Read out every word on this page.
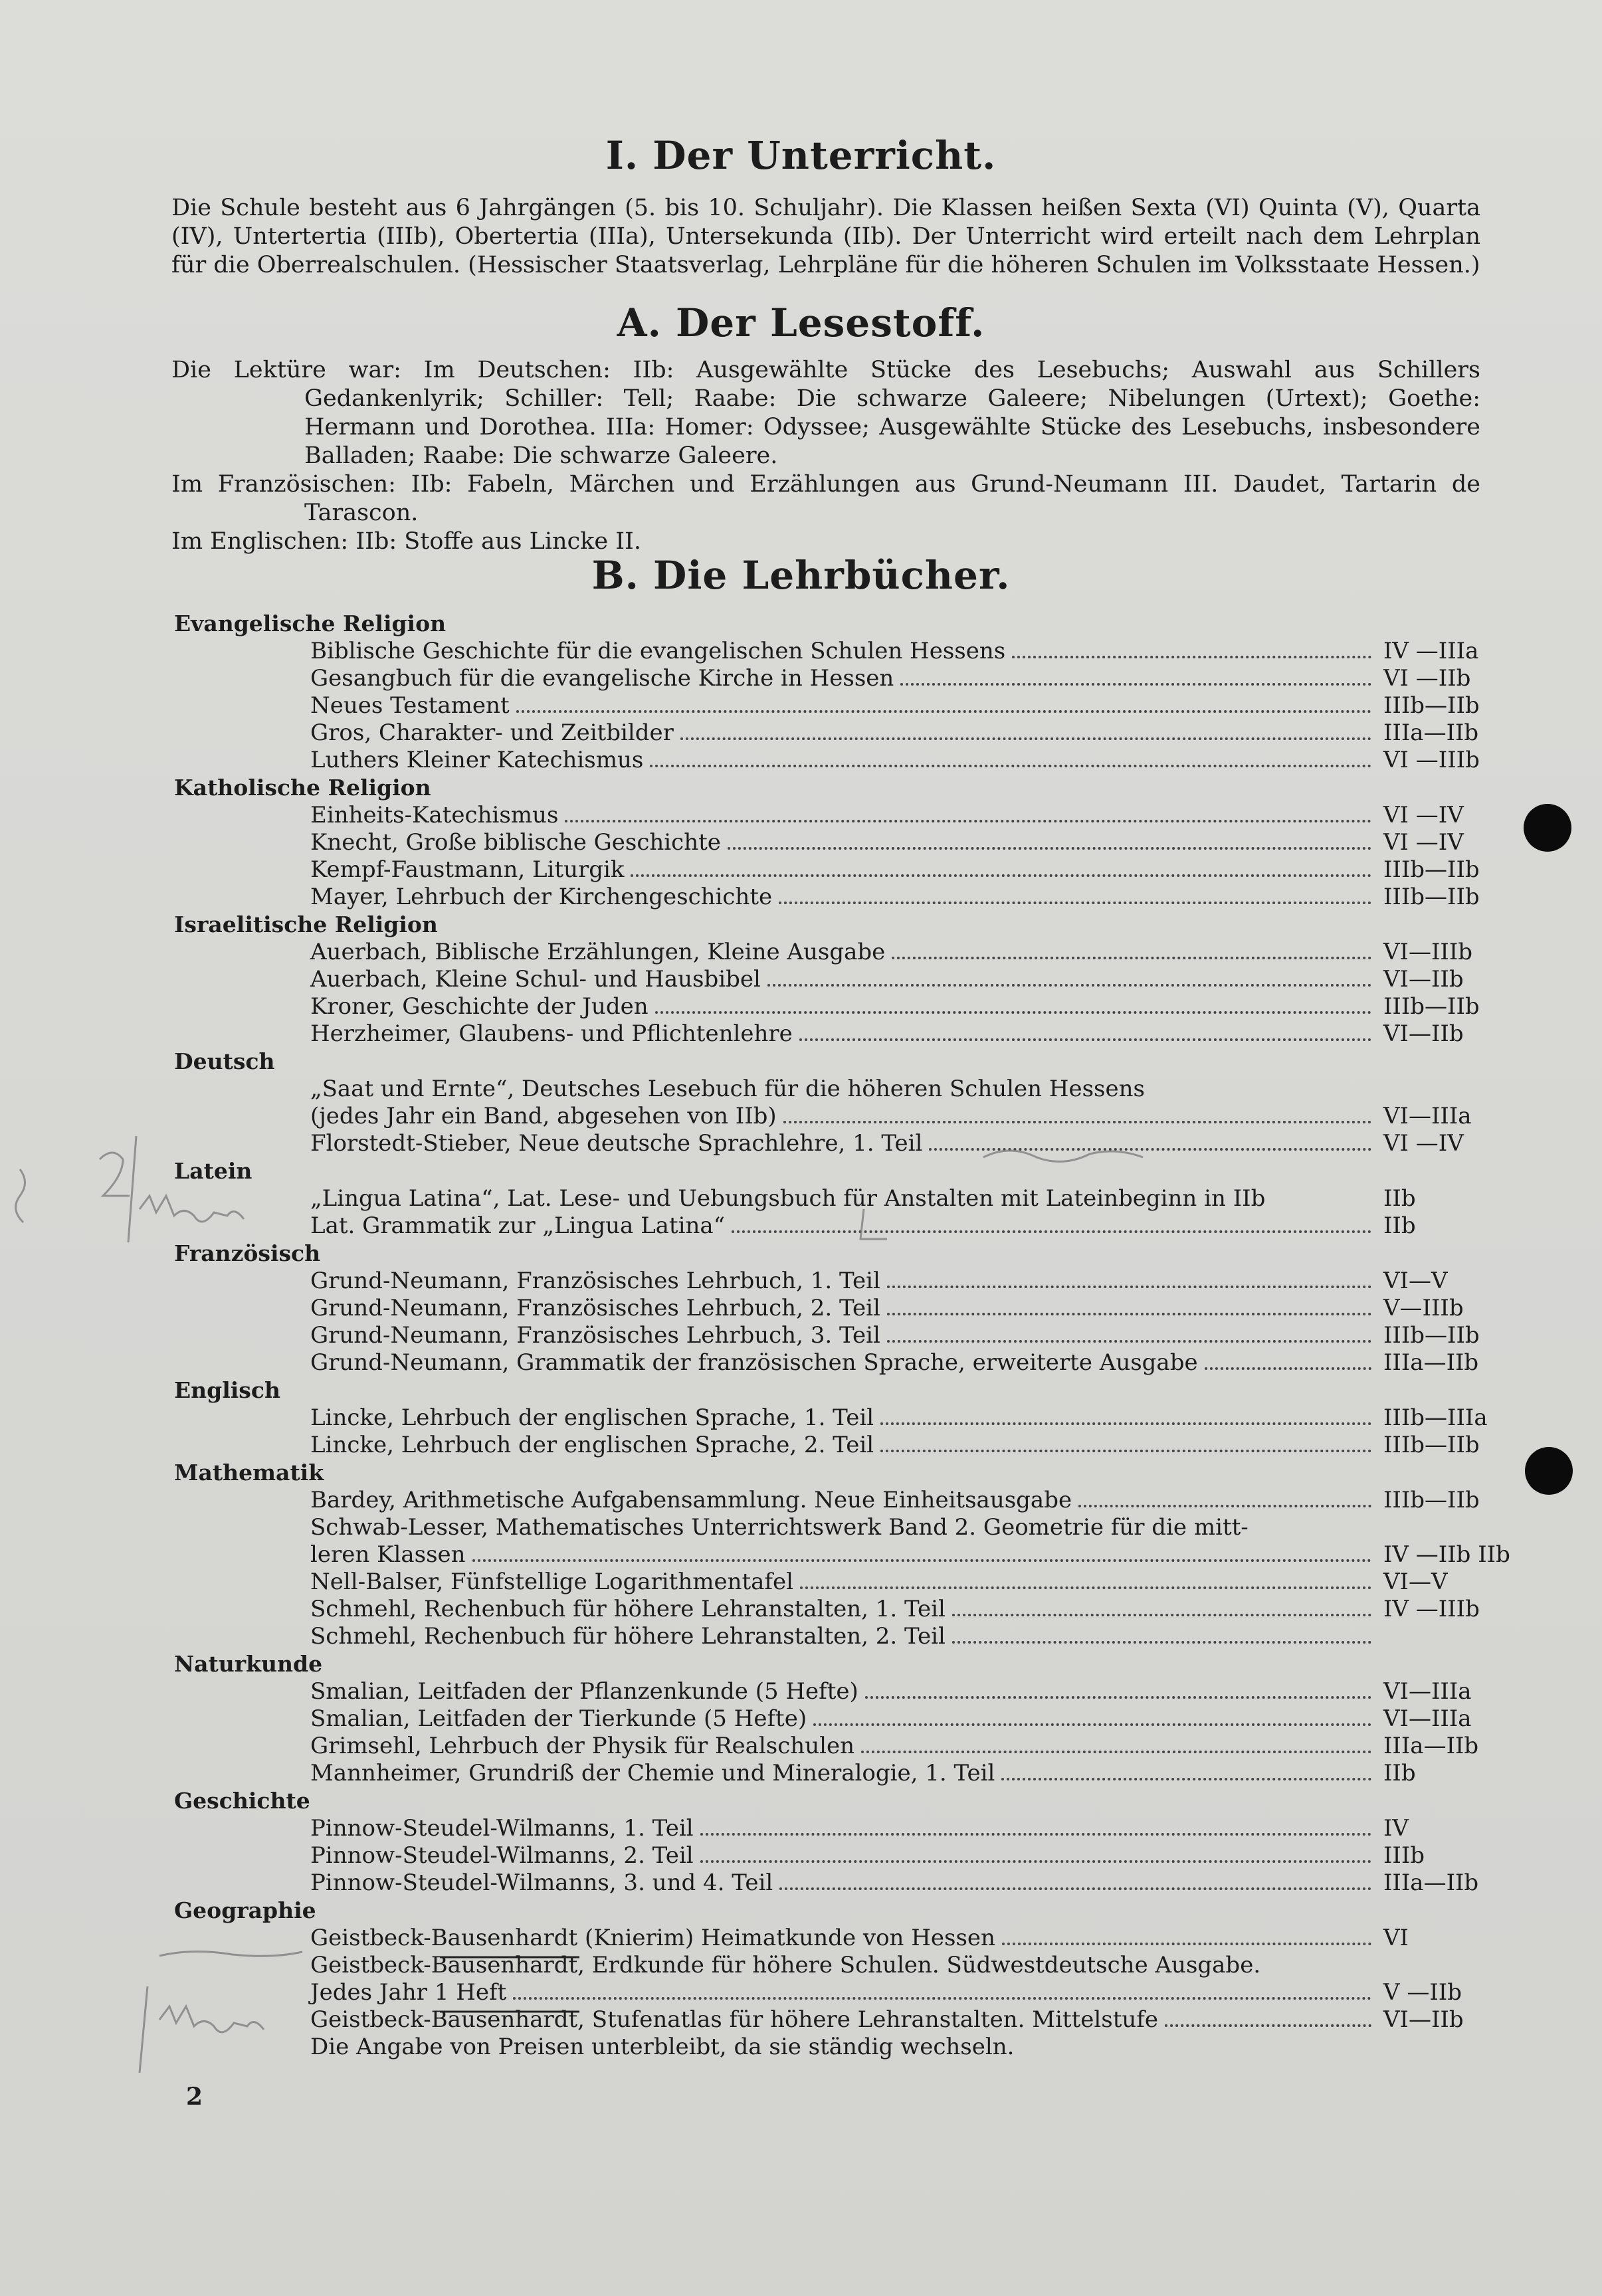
I. Der Unterricht.

Die Schule besteht aus 6 Jahrgängen (5. bis 10. Schuljahr). Die Klassen heißen Sexta (VI) Quinta (V), Quarta (IV), Untertertia (IIIb), Obertertia (IIIa), Untersekunda (IIb). Der Unterricht wird erteilt nach dem Lehrplan für die Oberrealschulen. (Hessischer Staatsverlag, Lehrpläne für die höheren Schulen im Volksstaate Hessen.)

A. Der Lesestoff.

Die Lektüre war: Im Deutschen: IIb: Ausgewählte Stücke des Lesebuchs; Auswahl aus Schillers Gedankenlyrik; Schiller: Tell; Raabe: Die schwarze Galeere; Nibelungen (Urtext); Goethe: Hermann und Dorothea. IIIa: Homer: Odyssee; Ausgewählte Stücke des Lesebuchs, insbesondere Balladen; Raabe: Die schwarze Galeere.

Im Französischen: IIb: Fabeln, Märchen und Erzählungen aus Grund-Neumann III. Daudet, Tartarin de Tarascon.

Im Englischen: IIb: Stoffe aus Lincke II.

B. Die Lehrbücher.
Evangelische Religion
Biblische Geschichte für die evangelischen Schulen Hessens	IV —IIIa
Gesangbuch für die evangelische Kirche in Hessen	VI —IIb
Neues Testament	IIIb—IIb
Gros, Charakter- und Zeitbilder	IIIa—IIb
Luthers Kleiner Katechismus	VI —IIIb
Katholische Religion
Einheits-Katechismus	VI —IV
Knecht, Große biblische Geschichte	VI —IV
Kempf-Faustmann, Liturgik	IIIb—IIb
Mayer, Lehrbuch der Kirchengeschichte	IIIb—IIb
Israelitische Religion
Auerbach, Biblische Erzählungen, Kleine Ausgabe	VI—IIIb
Auerbach, Kleine Schul- und Hausbibel	VI—IIb
Kroner, Geschichte der Juden	IIIb—IIb
Herzheimer, Glaubens- und Pflichtenlehre	VI—IIb
Deutsch
„Saat und Ernte“, Deutsches Lesebuch für die höheren Schulen Hessens
(jedes Jahr ein Band, abgesehen von IIb)	VI—IIIa
Florstedt-Stieber, Neue deutsche Sprachlehre, 1. Teil	VI —IV
Latein
„Lingua Latina“, Lat. Lese- und Uebungsbuch für Anstalten mit Lateinbeginn in IIb	IIb
Lat. Grammatik zur „Lingua Latina“	IIb
Französisch
Grund-Neumann, Französisches Lehrbuch, 1. Teil	VI—V
Grund-Neumann, Französisches Lehrbuch, 2. Teil	V—IIIb
Grund-Neumann, Französisches Lehrbuch, 3. Teil	IIIb—IIb
Grund-Neumann, Grammatik der französischen Sprache, erweiterte Ausgabe	IIIa—IIb
Englisch
Lincke, Lehrbuch der englischen Sprache, 1. Teil	IIIb—IIIa
Lincke, Lehrbuch der englischen Sprache, 2. Teil	IIIb—IIb
Mathematik
Bardey, Arithmetische Aufgabensammlung. Neue Einheitsausgabe	IIIb—IIb
Schwab-Lesser, Mathematisches Unterrichtswerk Band 2. Geometrie für die mitt-
leren Klassen	IV —IIb IIb
Nell-Balser, Fünfstellige Logarithmentafel	VI—V
Schmehl, Rechenbuch für höhere Lehranstalten, 1. Teil	IV —IIIb
Schmehl, Rechenbuch für höhere Lehranstalten, 2. Teil
Naturkunde
Smalian, Leitfaden der Pflanzenkunde (5 Hefte)	VI—IIIa
Smalian, Leitfaden der Tierkunde (5 Hefte)	VI—IIIa
Grimsehl, Lehrbuch der Physik für Realschulen	IIIa—IIb
Mannheimer, Grundriß der Chemie und Mineralogie, 1. Teil	IIb
Geschichte
Pinnow-Steudel-Wilmanns, 1. Teil	IV
Pinnow-Steudel-Wilmanns, 2. Teil	IIIb
Pinnow-Steudel-Wilmanns, 3. und 4. Teil	IIIa—IIb
Geographie
Geistbeck-Bausenhardt (Knierim) Heimatkunde von Hessen	VI
Geistbeck-Bausenhardt, Erdkunde für höhere Schulen. Südwestdeutsche Ausgabe.
Jedes Jahr 1 Heft	V —IIb
Geistbeck-Bausenhardt, Stufenatlas für höhere Lehranstalten. Mittelstufe	VI—IIb
Die Angabe von Preisen unterbleibt, da sie ständig wechseln.
2
